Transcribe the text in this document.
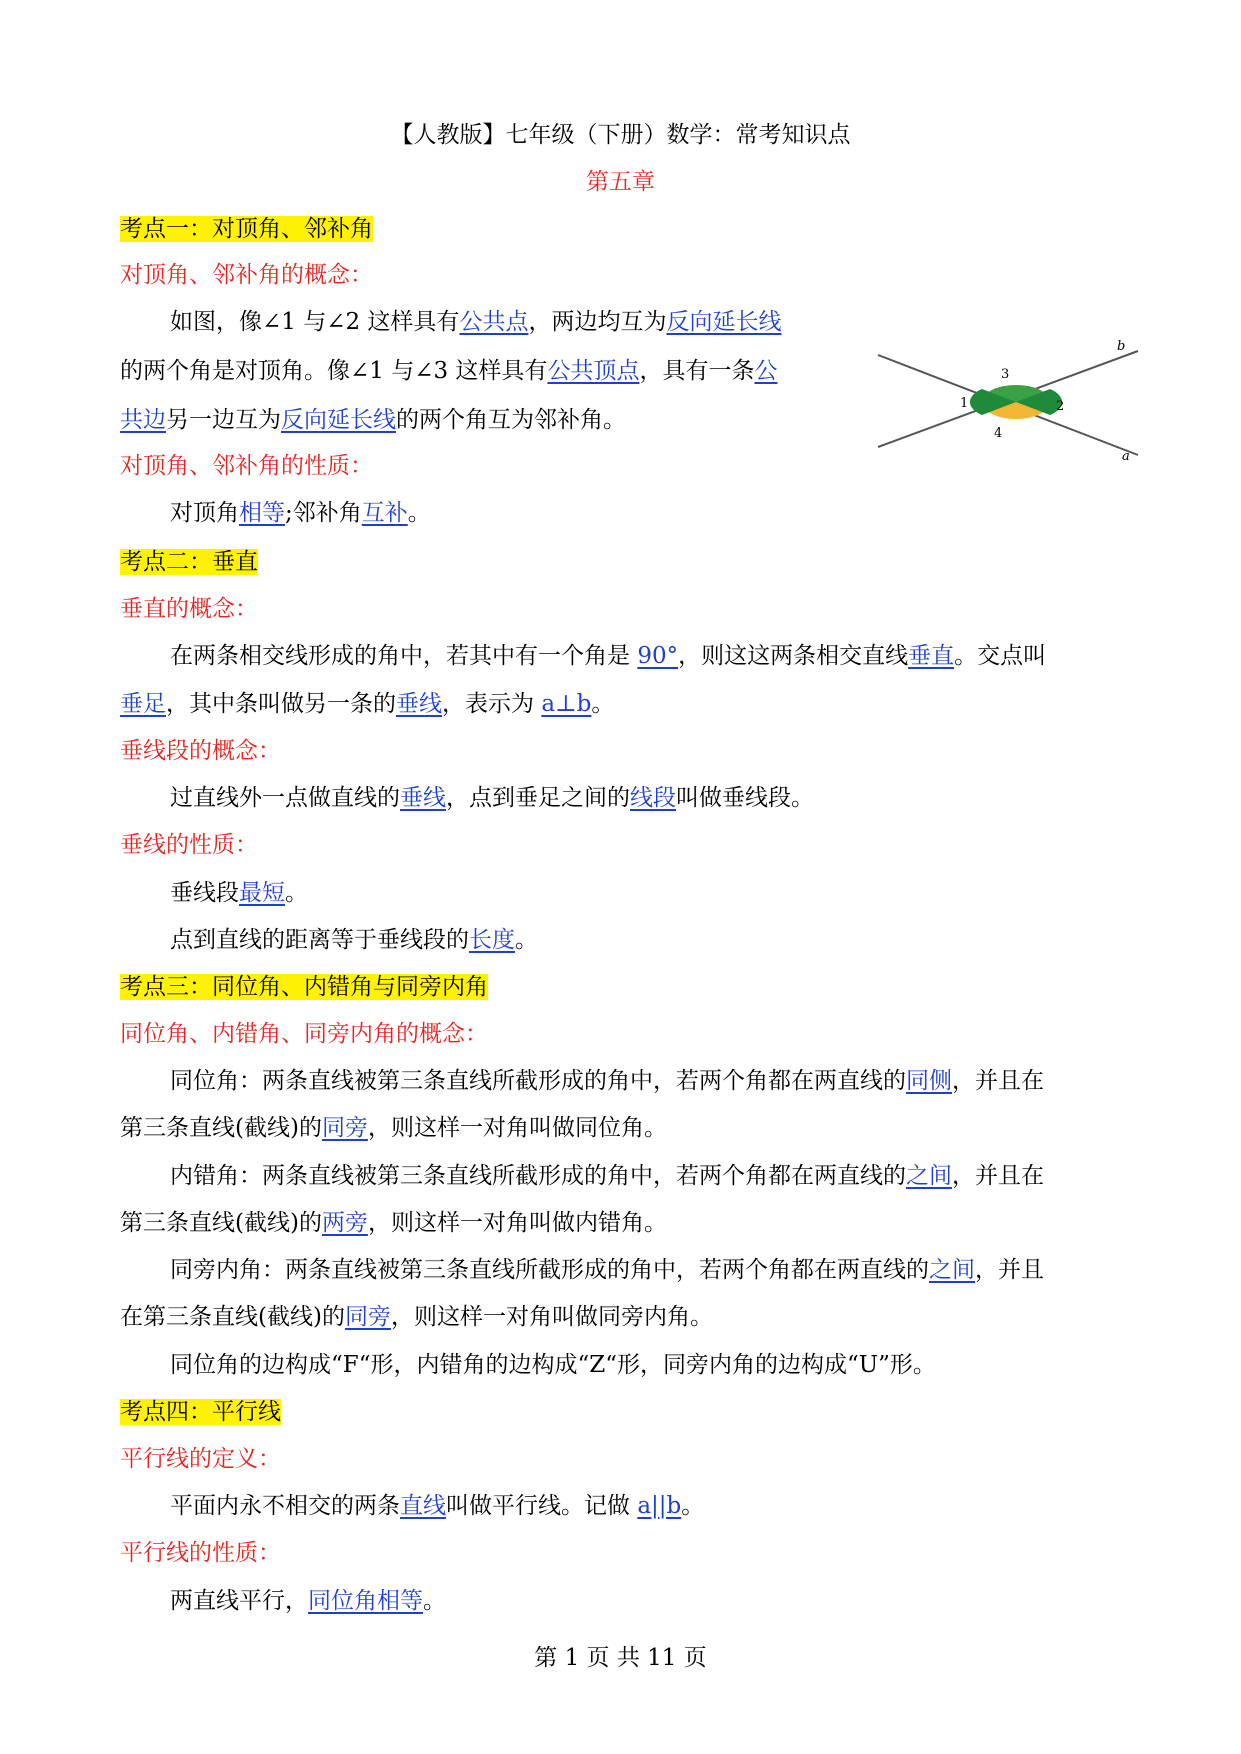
【人教版】七年级（下册）数学：常考知识点
第五章
考点一：对顶角、邻补角
对顶角、邻补角的概念：
如图，像∠1 与∠2 这样具有公共点，两边均互为反向延长线
的两个角是对顶角。像∠1 与∠3 这样具有公共顶点，具有一条公
共边另一边互为反向延长线的两个角互为邻补角。
对顶角、邻补角的性质：
对顶角相等;邻补角互补。
1	2
3
4
b
a
考点二：垂直
垂直的概念：
在两条相交线形成的角中，若其中有一个角是 90°，则这这两条相交直线垂直。交点叫
垂足，其中条叫做另一条的垂线，表示为 a⊥b。
垂线段的概念：
过直线外一点做直线的垂线，点到垂足之间的线段叫做垂线段。
垂线的性质：
垂线段最短。
点到直线的距离等于垂线段的长度。
考点三：同位角、内错角与同旁内角
同位角、内错角、同旁内角的概念：
同位角：两条直线被第三条直线所截形成的角中，若两个角都在两直线的同侧，并且在
第三条直线(截线)的同旁，则这样一对角叫做同位角。
内错角：两条直线被第三条直线所截形成的角中，若两个角都在两直线的之间，并且在
第三条直线(截线)的两旁，则这样一对角叫做内错角。
同旁内角：两条直线被第三条直线所截形成的角中，若两个角都在两直线的之间，并且
在第三条直线(截线)的同旁，则这样一对角叫做同旁内角。
同位角的边构成“F“形，内错角的边构成“Z“形，同旁内角的边构成“U”形。
考点四：平行线
平行线的定义：
平面内永不相交的两条直线叫做平行线。记做 a||b。
平行线的性质：
两直线平行，同位角相等。
第 1 页 共 11 页
